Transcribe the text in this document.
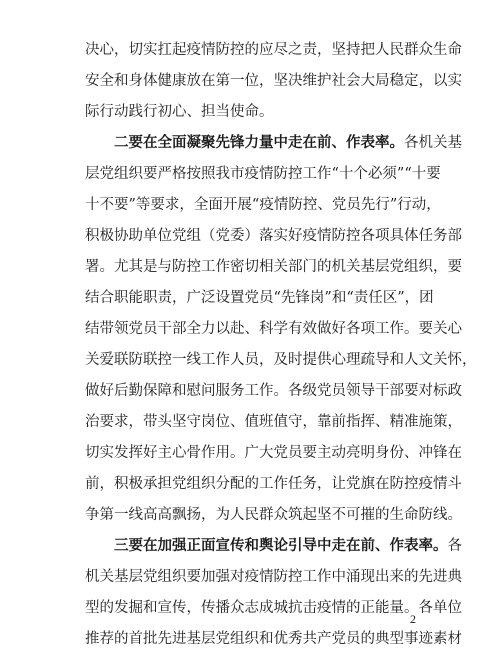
决心，切实扛起疫情防控的应尽之责，坚持把人民群众生命
安全和身体健康放在第一位，坚决维护社会大局稳定，以实
际行动践行初心、担当使命。
二要在全面凝聚先锋力量中走在前、作表率。各机关基
层党组织要严格按照我市疫情防控工作“十个必须”“十要
十不要”等要求，全面开展“疫情防控、党员先行”行动，
积极协助单位党组（党委）落实好疫情防控各项具体任务部
署。尤其是与防控工作密切相关部门的机关基层党组织，要
结合职能职责，广泛设置党员“先锋岗”和“责任区”，团
结带领党员干部全力以赴、科学有效做好各项工作。要关心
关爱联防联控一线工作人员，及时提供心理疏导和人文关怀，
做好后勤保障和慰问服务工作。各级党员领导干部要对标政
治要求，带头坚守岗位、值班值守，靠前指挥、精准施策，
切实发挥好主心骨作用。广大党员要主动亮明身份、冲锋在
前，积极承担党组织分配的工作任务，让党旗在防控疫情斗
争第一线高高飘扬，为人民群众筑起坚不可摧的生命防线。
三要在加强正面宣传和舆论引导中走在前、作表率。各
机关基层党组织要加强对疫情防控工作中涌现出来的先进典
型的发掘和宣传，传播众志成城抗击疫情的正能量。各单位
推荐的首批先进基层党组织和优秀共产党员的典型事迹素材
2
